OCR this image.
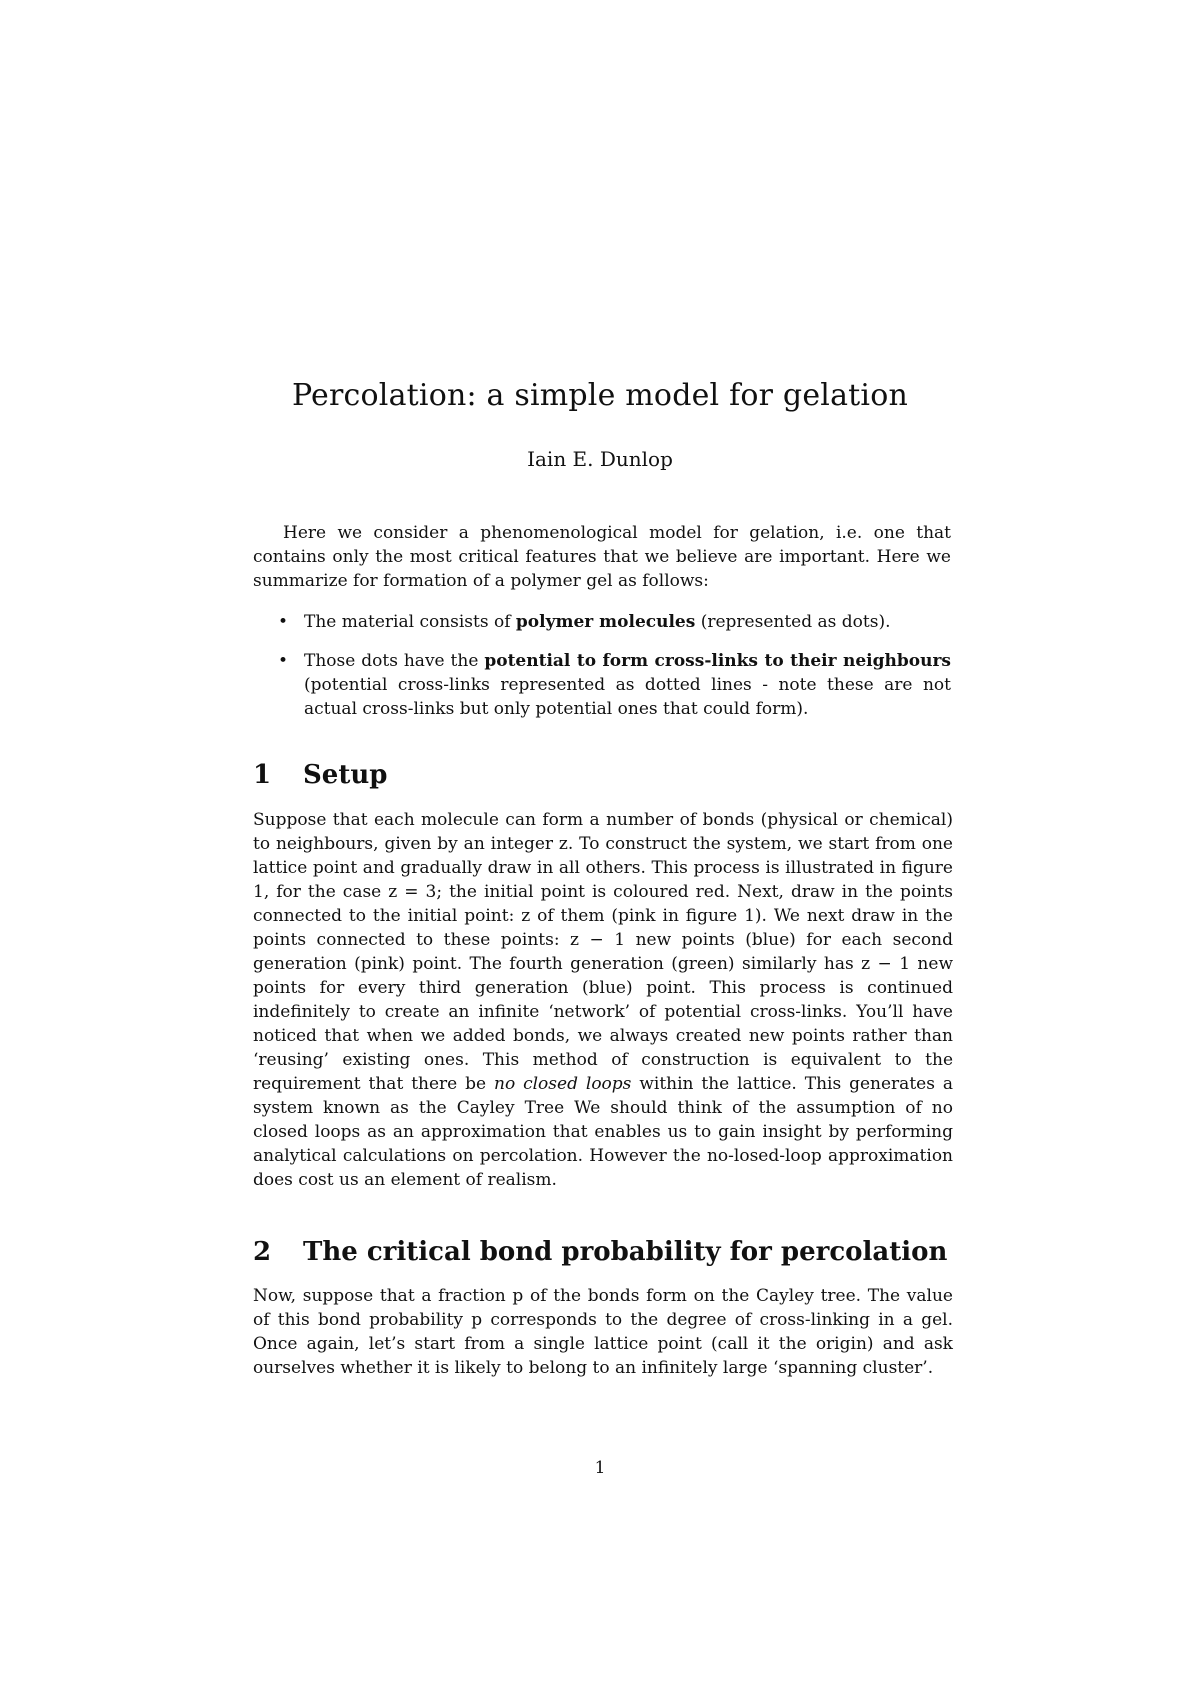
Percolation: a simple model for gelation

Iain E. Dunlop

Here we consider a phenomenological model for gelation, i.e. one that contains only the most critical features that we believe are important. Here we summarize for formation of a polymer gel as follows:

• The material consists of polymer molecules (represented as dots).
• Those dots have the potential to form cross-links to their neighbours (potential cross-links represented as dotted lines - note these are not actual cross-links but only potential ones that could form).
1 Setup

Suppose that each molecule can form a number of bonds (physical or chemical) to neighbours, given by an integer z. To construct the system, we start from one lattice point and gradually draw in all others. This process is illustrated in figure 1, for the case z = 3; the initial point is coloured red. Next, draw in the points connected to the initial point: z of them (pink in figure 1). We next draw in the points connected to these points: z − 1 new points (blue) for each second generation (pink) point. The fourth generation (green) similarly has z − 1 new points for every third generation (blue) point. This process is continued indefinitely to create an infinite ‘network’ of potential cross-links. You’ll have noticed that when we added bonds, we always created new points rather than ‘reusing’ existing ones. This method of construction is equivalent to the requirement that there be no closed loops within the lattice. This generates a system known as the Cayley Tree We should think of the assumption of no closed loops as an approximation that enables us to gain insight by performing analytical calculations on percolation. However the no-losed-loop approximation does cost us an element of realism.

2 The critical bond probability for percolation

Now, suppose that a fraction p of the bonds form on the Cayley tree. The value of this bond probability p corresponds to the degree of cross-linking in a gel. Once again, let’s start from a single lattice point (call it the origin) and ask ourselves whether it is likely to belong to an infinitely large ‘spanning cluster’.

1
